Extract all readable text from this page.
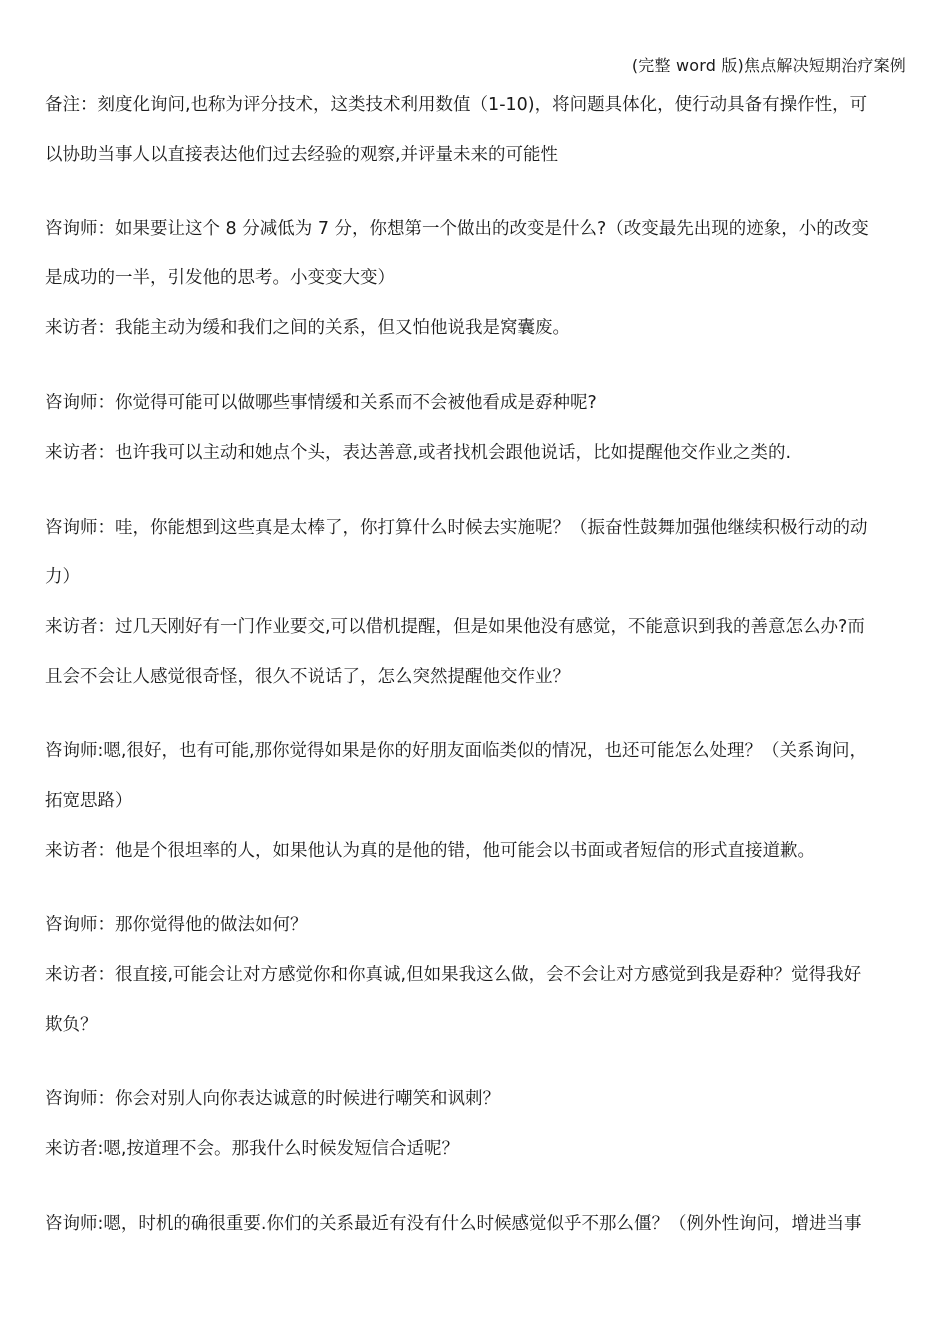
(完整 word 版)焦点解决短期治疗案例
备注：刻度化询问,也称为评分技术，这类技术利用数值（1-10)，将问题具体化，使行动具备有操作性，可
以协助当事人以直接表达他们过去经验的观察,并评量未来的可能性
咨询师：如果要让这个 8 分减低为 7 分，你想第一个做出的改变是什么?（改变最先出现的迹象，小的改变
是成功的一半，引发他的思考。小变变大变）
来访者：我能主动为缓和我们之间的关系，但又怕他说我是窝囊废。
咨询师：你觉得可能可以做哪些事情缓和关系而不会被他看成是孬种呢?
来访者：也许我可以主动和她点个头，表达善意,或者找机会跟他说话，比如提醒他交作业之类的.
咨询师：哇，你能想到这些真是太棒了，你打算什么时候去实施呢？（振奋性鼓舞加强他继续积极行动的动
力）
来访者：过几天刚好有一门作业要交,可以借机提醒，但是如果他没有感觉，不能意识到我的善意怎么办?而
且会不会让人感觉很奇怪，很久不说话了，怎么突然提醒他交作业？
咨询师:嗯,很好，也有可能,那你觉得如果是你的好朋友面临类似的情况，也还可能怎么处理？（关系询问，
拓宽思路）
来访者：他是个很坦率的人，如果他认为真的是他的错，他可能会以书面或者短信的形式直接道歉。
咨询师：那你觉得他的做法如何？
来访者：很直接,可能会让对方感觉你和你真诚,但如果我这么做，会不会让对方感觉到我是孬种？觉得我好
欺负？
咨询师：你会对别人向你表达诚意的时候进行嘲笑和讽刺？
来访者:嗯,按道理不会。那我什么时候发短信合适呢？
咨询师:嗯，时机的确很重要.你们的关系最近有没有什么时候感觉似乎不那么僵？（例外性询问，增进当事
